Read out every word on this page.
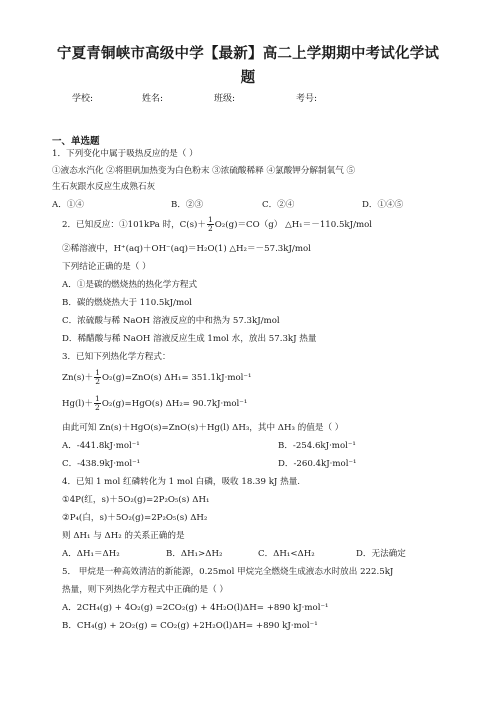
宁夏青铜峡市高级中学【最新】高二上学期期中考试化学试
题
学校:	姓名:	班级:	考号:
一、单选题
1．下列变化中属于吸热反应的是（ ）
①液态水汽化 ②将胆矾加热变为白色粉末 ③浓硫酸稀释 ④氯酸钾分解制氧气 ⑤
生石灰跟水反应生成熟石灰
A．①④	B．②③	C．②④	D．①④⑤
2．已知反应：①101kPa 时，$C(s)+ \frac{1}{2} O_2(g)=CO(g)$ △H₁＝－110.5kJ/mol
②稀溶液中，H⁺(aq)＋OH⁻(aq)＝H₂O(1) △H₂＝－57.3kJ/mol
下列结论正确的是（ ）
A．①是碳的燃烧热的热化学方程式
B．碳的燃烧热大于 110.5kJ/mol
C．浓硫酸与稀 NaOH 溶液反应的中和热为 57.3kJ/mol
D．稀醋酸与稀 NaOH 溶液反应生成 1mol 水，放出 57.3kJ 热量
3．已知下列热化学方程式：
$Zn(s)+ \frac{1}{2} O_2(g)=ZnO(s)$ ΔH₁= 351.1kJ·mol⁻¹
$Hg(l)+ \frac{1}{2} O_2(g)=HgO(s)$ ΔH₂= 90.7kJ·mol⁻¹
由此可知 Zn(s)＋HgO(s)=ZnO(s)＋Hg(l) ΔH₃，其中 ΔH₃ 的值是（ ）
A．-441.8kJ·mol⁻¹	B．-254.6kJ·mol⁻¹
C．-438.9kJ·mol⁻¹	D．-260.4kJ·mol⁻¹
4．已知 1 mol 红磷转化为 1 mol 白磷，吸收 18.39 kJ 热量.
①4P(红，s)＋5O₂(g)=2P₂O₅(s) ΔH₁
②P₄(白，s)＋5O₂(g)=2P₂O₅(s) ΔH₂
则 ΔH₁ 与 ΔH₂ 的关系正确的是
A．ΔH₁＝ΔH₂	B．ΔH₁>ΔH₂	C．ΔH₁<ΔH₂	D．无法确定
5． 甲烷是一种高效清洁的新能源，0.25mol 甲烷完全燃烧生成液态水时放出 222.5kJ
热量，则下列热化学方程式中正确的是（ ）
A．2CH₄(g) + 4O₂(g) =2CO₂(g) + 4H₂O(l)ΔH= +890 kJ·mol⁻¹
B．CH₄(g) + 2O₂(g) = CO₂(g) +2H₂O(l)ΔH= +890 kJ·mol⁻¹
